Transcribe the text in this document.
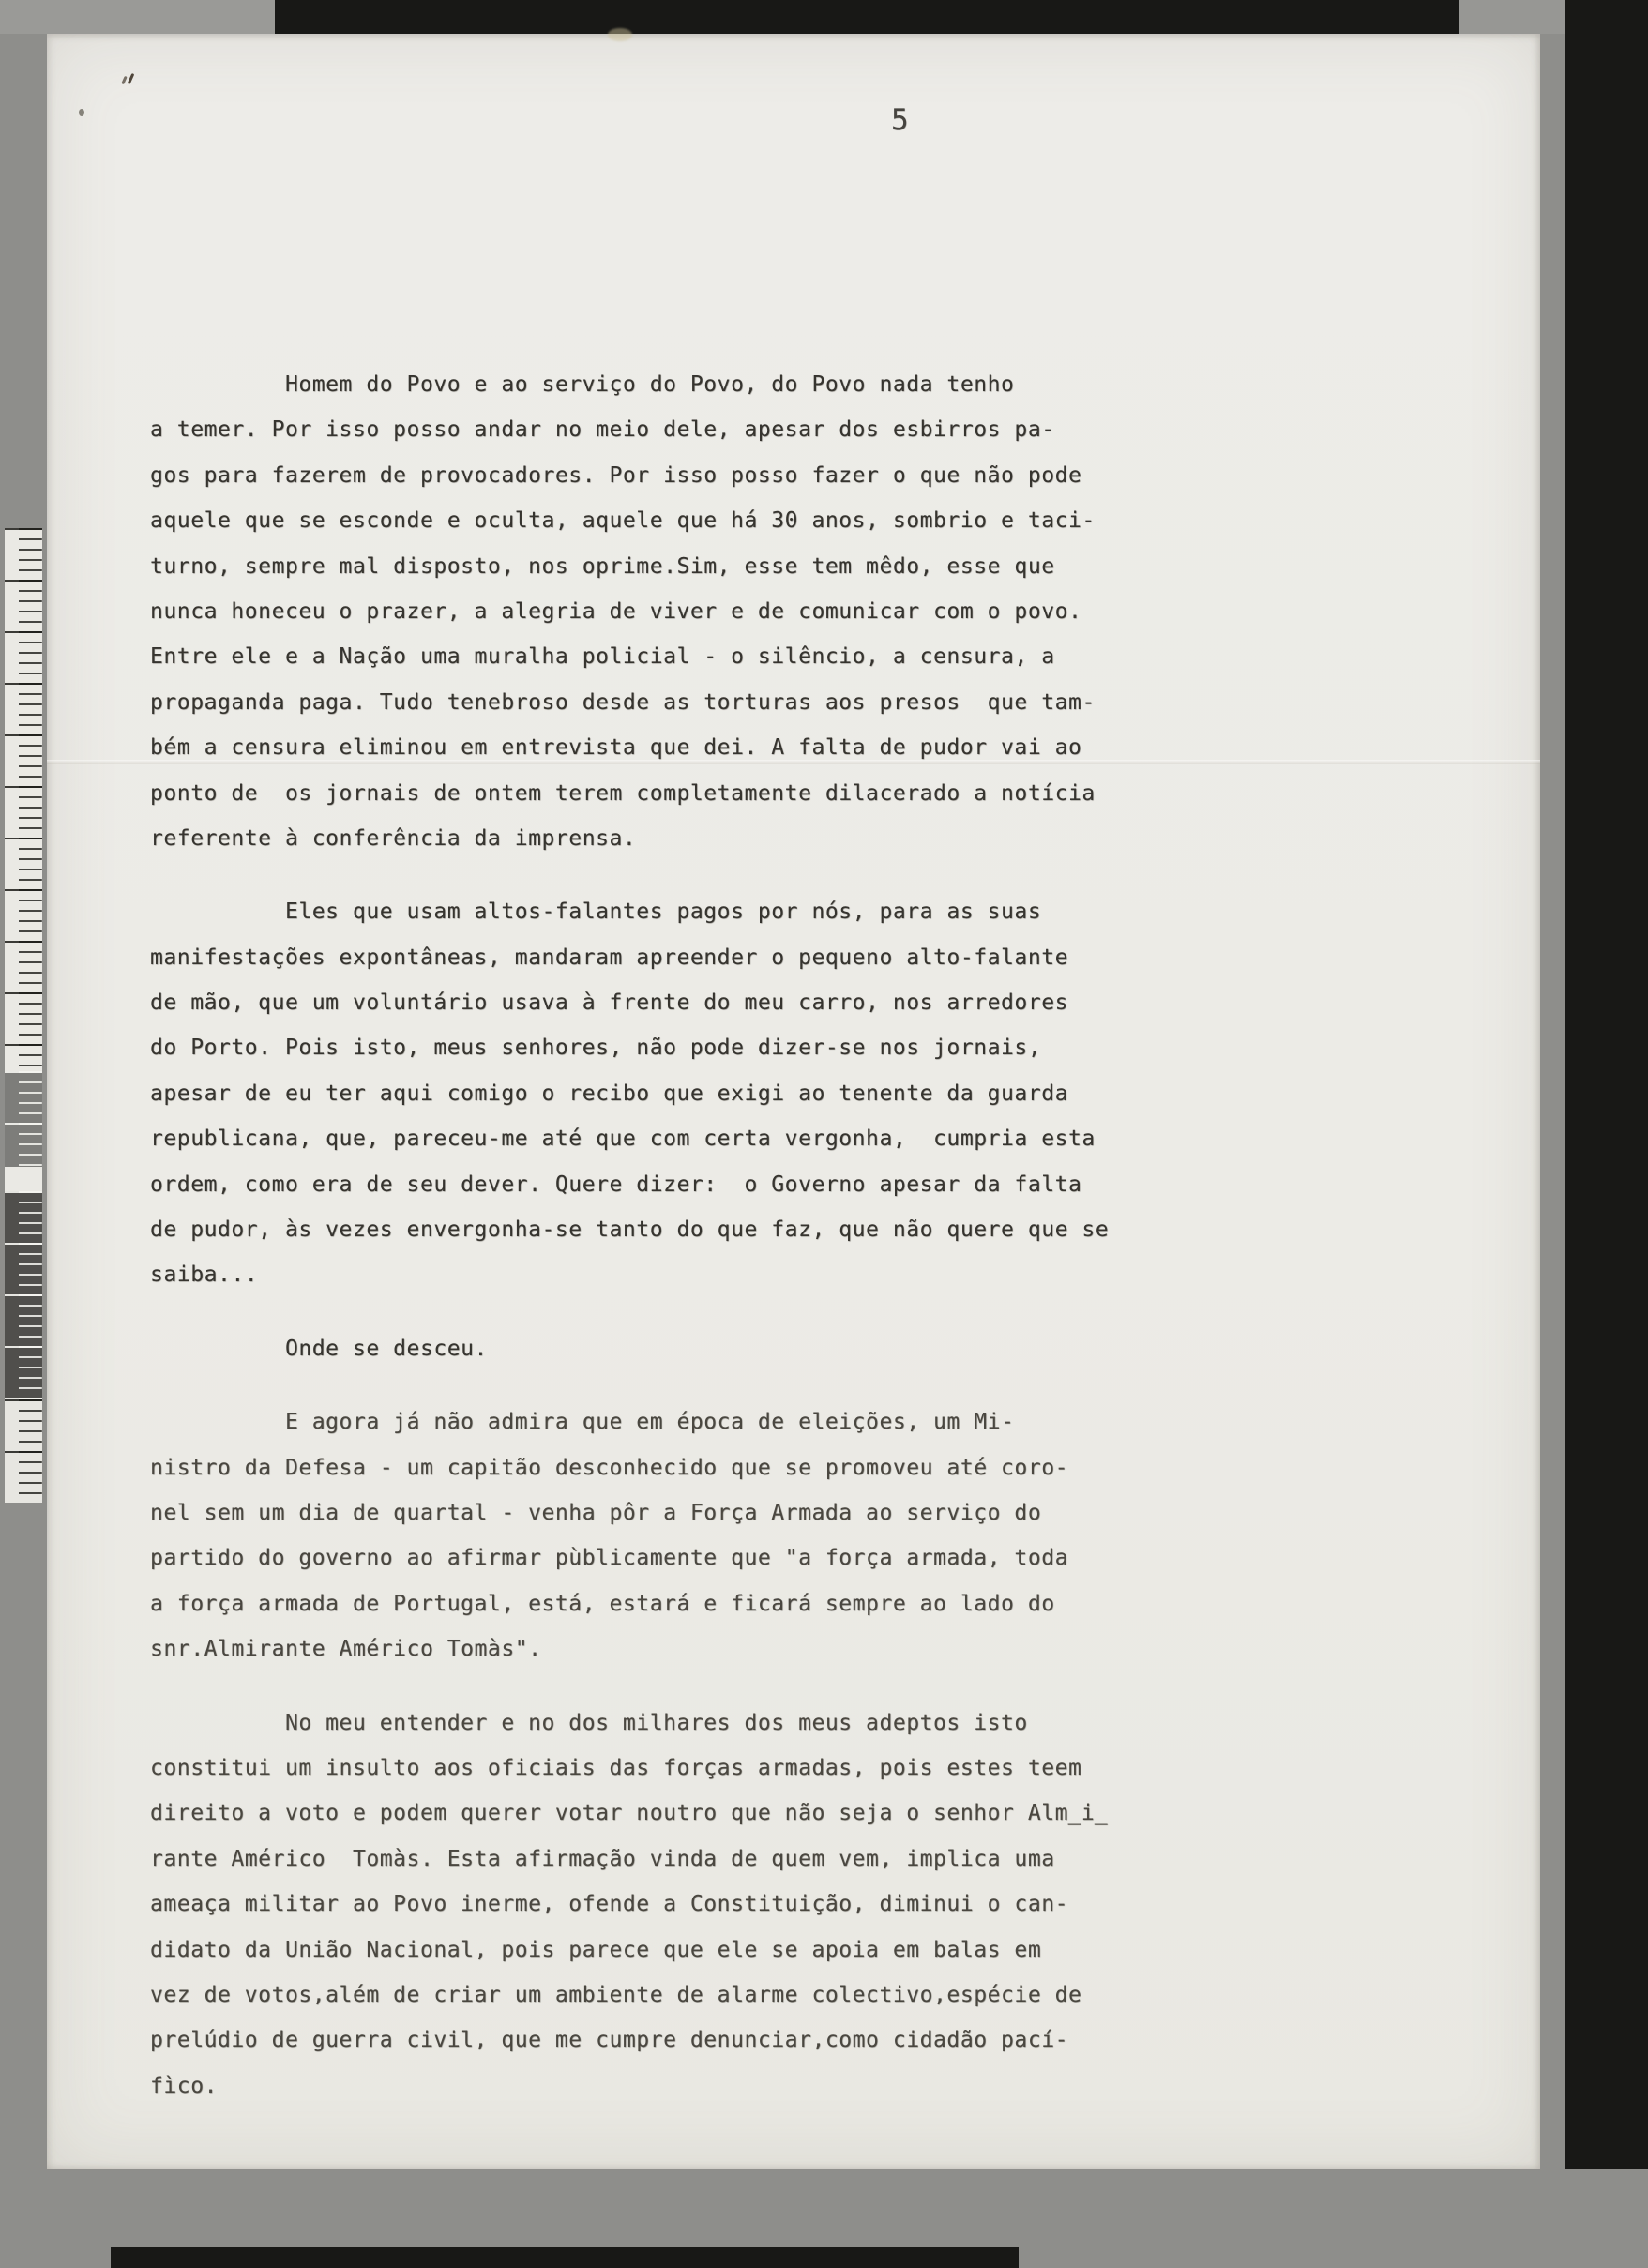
5
Homem do Povo e ao serviço do Povo, do Povo nada tenho
a temer. Por isso posso andar no meio dele, apesar dos esbirros pa-
gos para fazerem de provocadores. Por isso posso fazer o que não pode
aquele que se esconde e oculta, aquele que há 30 anos, sombrio e taci-
turno, sempre mal disposto, nos oprime.Sim, esse tem mêdo, esse que
nunca honeceu o prazer, a alegria de viver e de comunicar com o povo.
Entre ele e a Nação uma muralha policial - o silêncio, a censura, a
propaganda paga. Tudo tenebroso desde as torturas aos presos  que tam-
bém a censura eliminou em entrevista que dei. A falta de pudor vai ao
ponto de  os jornais de ontem terem completamente dilacerado a notícia
referente à conferência da imprensa.
Eles que usam altos-falantes pagos por nós, para as suas
manifestações expontâneas, mandaram apreender o pequeno alto-falante
de mão, que um voluntário usava à frente do meu carro, nos arredores
do Porto. Pois isto, meus senhores, não pode dizer-se nos jornais,
apesar de eu ter aqui comigo o recibo que exigi ao tenente da guarda
republicana, que, pareceu-me até que com certa vergonha,  cumpria esta
ordem, como era de seu dever. Quere dizer:  o Governo apesar da falta
de pudor, às vezes envergonha-se tanto do que faz, que não quere que se
saiba...
Onde se desceu.
E agora já não admira que em época de eleições, um Mi-
nistro da Defesa - um capitão desconhecido que se promoveu até coro-
nel sem um dia de quartal - venha pôr a Força Armada ao serviço do
partido do governo ao afirmar pùblicamente que "a força armada, toda
a força armada de Portugal, está, estará e ficará sempre ao lado do
snr.Almirante Américo Tomàs".
No meu entender e no dos milhares dos meus adeptos isto
constitui um insulto aos oficiais das forças armadas, pois estes teem
direito a voto e podem querer votar noutro que não seja o senhor Alm̲i̲
rante Américo  Tomàs. Esta afirmação vinda de quem vem, implica uma
ameaça militar ao Povo inerme, ofende a Constituição, diminui o can-
didato da União Nacional, pois parece que ele se apoia em balas em
vez de votos,além de criar um ambiente de alarme colectivo,espécie de
prelúdio de guerra civil, que me cumpre denunciar,como cidadão pací-
fìco.
